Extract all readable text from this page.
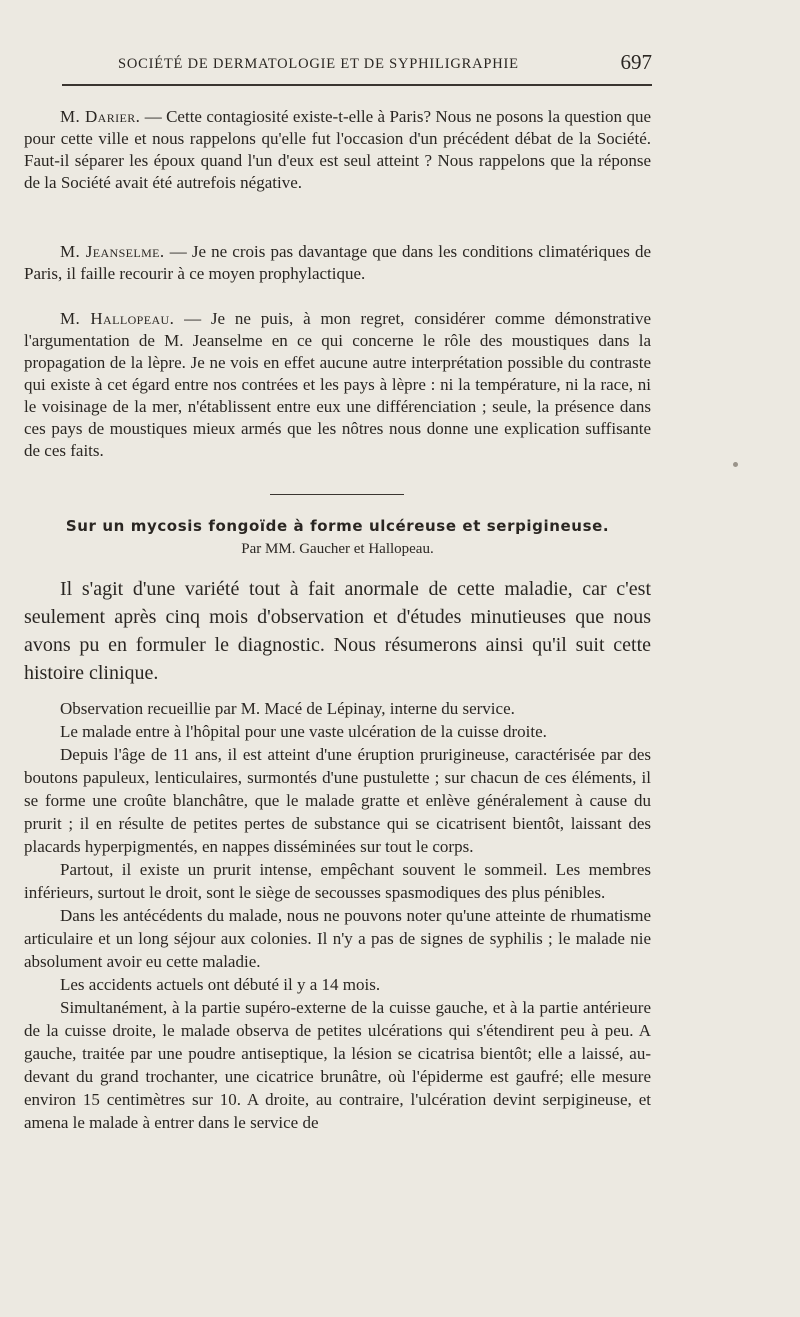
SOCIÉTÉ DE DERMATOLOGIE ET DE SYPHILIGRAPHIE	697

M. Darier. — Cette contagiosité existe-t-elle à Paris? Nous ne posons la question que pour cette ville et nous rappelons qu'elle fut l'occasion d'un précédent débat de la Société. Faut-il séparer les époux quand l'un d'eux est seul atteint ? Nous rappelons que la réponse de la Société avait été autrefois négative.

M. Jeanselme. — Je ne crois pas davantage que dans les conditions climatériques de Paris, il faille recourir à ce moyen prophylactique.

M. Hallopeau. — Je ne puis, à mon regret, considérer comme démonstrative l'argumentation de M. Jeanselme en ce qui concerne le rôle des moustiques dans la propagation de la lèpre. Je ne vois en effet aucune autre interprétation possible du contraste qui existe à cet égard entre nos contrées et les pays à lèpre : ni la température, ni la race, ni le voisinage de la mer, n'établissent entre eux une différenciation ; seule, la présence dans ces pays de moustiques mieux armés que les nôtres nous donne une explication suffisante de ces faits.

Sur un mycosis fongoïde à forme ulcéreuse et serpigineuse.
Par MM. Gaucher et Hallopeau.

Il s'agit d'une variété tout à fait anormale de cette maladie, car c'est seulement après cinq mois d'observation et d'études minutieuses que nous avons pu en formuler le diagnostic. Nous résumerons ainsi qu'il suit cette histoire clinique.

Observation recueillie par M. Macé de Lépinay, interne du service.

Le malade entre à l'hôpital pour une vaste ulcération de la cuisse droite.

Depuis l'âge de 11 ans, il est atteint d'une éruption prurigineuse, caractérisée par des boutons papuleux, lenticulaires, surmontés d'une pustulette ; sur chacun de ces éléments, il se forme une croûte blanchâtre, que le malade gratte et enlève généralement à cause du prurit ; il en résulte de petites pertes de substance qui se cicatrisent bientôt, laissant des placards hyperpigmentés, en nappes disséminées sur tout le corps.

Partout, il existe un prurit intense, empêchant souvent le sommeil. Les membres inférieurs, surtout le droit, sont le siège de secousses spasmodiques des plus pénibles.

Dans les antécédents du malade, nous ne pouvons noter qu'une atteinte de rhumatisme articulaire et un long séjour aux colonies. Il n'y a pas de signes de syphilis ; le malade nie absolument avoir eu cette maladie.

Les accidents actuels ont débuté il y a 14 mois.

Simultanément, à la partie supéro-externe de la cuisse gauche, et à la partie antérieure de la cuisse droite, le malade observa de petites ulcérations qui s'étendirent peu à peu. A gauche, traitée par une poudre antiseptique, la lésion se cicatrisa bientôt; elle a laissé, au-devant du grand trochanter, une cicatrice brunâtre, où l'épiderme est gaufré; elle mesure environ 15 centimètres sur 10. A droite, au contraire, l'ulcération devint serpigineuse, et amena le malade à entrer dans le service de
